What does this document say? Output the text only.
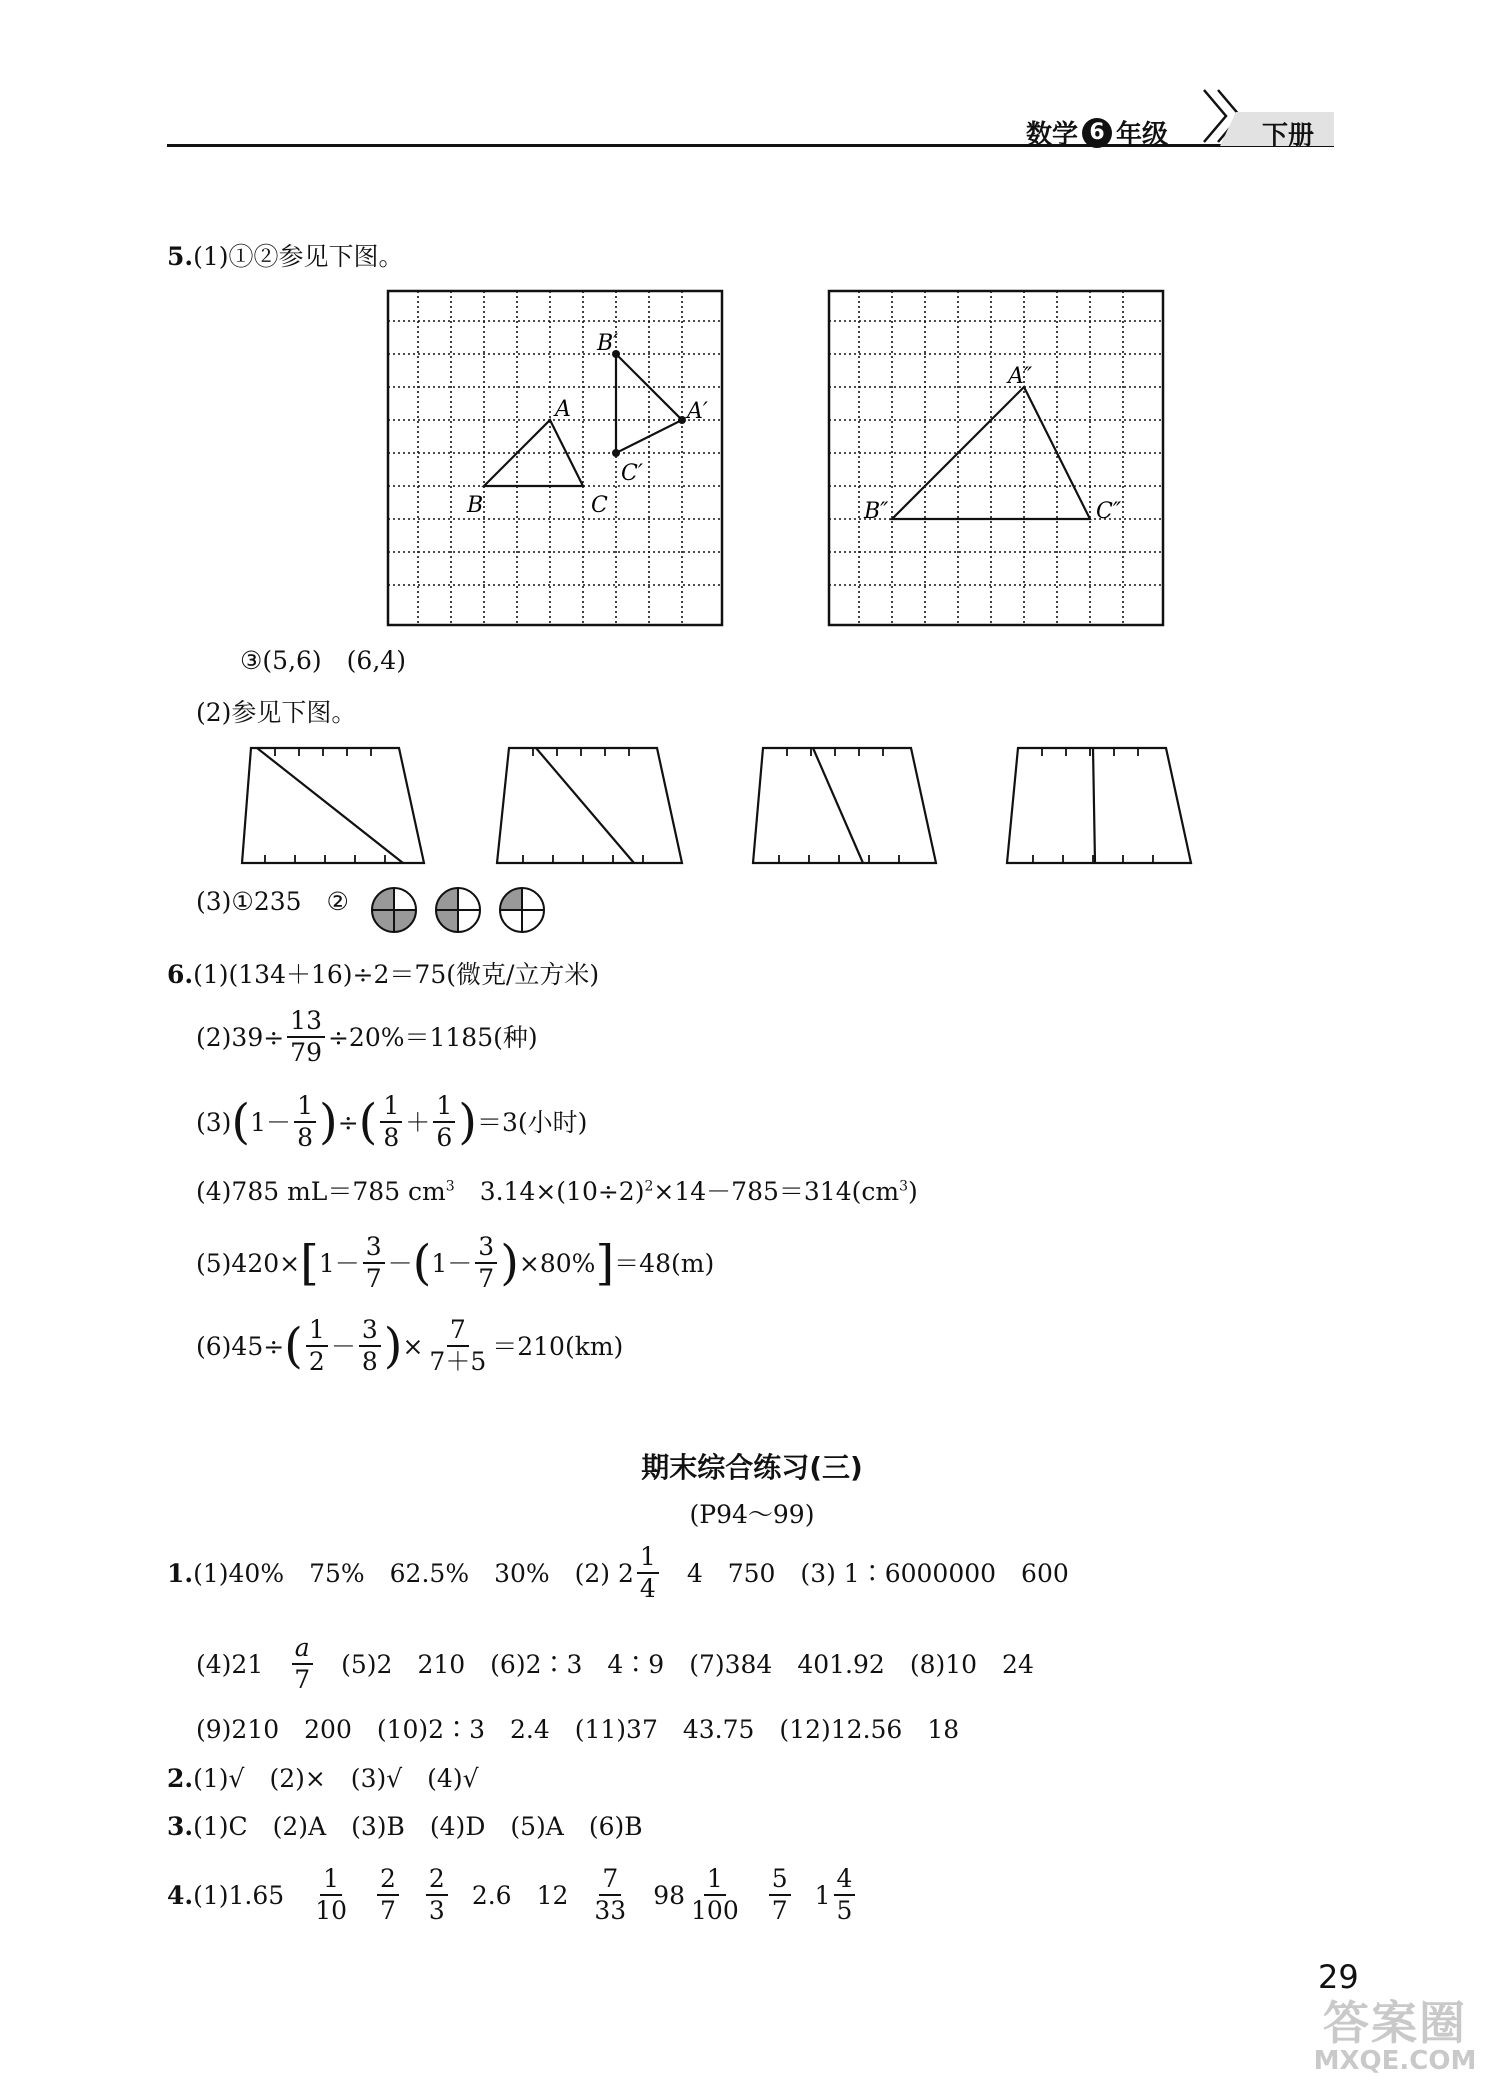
数学 6 年级	下册
5.(1)①②参见下图。
A
B	C
B′
A′
C′
A″
B″	C″
③(5,6)　(6,4)
(2)参见下图。
(3)①235　②
6.(1)(134＋16)÷2＝75(微克/立方米)
$(2)39\div \frac{13}{79} \div 20\%=1185$(种)
(3) ( $1- \frac{1}{8}$ ) ÷ ( $\frac{1}{8} + \frac{1}{6}$ ) ＝3(小时)
(4)785 mL＝785 $cm^3$　$3.14\times(10\div 2)^2\times 14-785=314(cm^3)$
(5)420× [ $1- \frac{3}{7}$ － ( $1- \frac{3}{7}$ ) ×80% ] ＝48(m)
(6)45÷ ( $\frac{1}{2} - \frac{3}{8}$ ) × $\frac{7}{7+5} =210(km)$
期末综合练习(三)
(P94～99)
1. (1)40%　75%　62.5%　30%　(2) $2 \frac{1}{4}$ 　4　750　(3) 1∶6000000　600
(4)21　 $\frac{a}{7}$ 　(5)2　210　(6)2∶3　4∶9　(7)384　401.92　(8)10　24
(9)210　200　(10)2∶3　2.4　(11)37　43.75　(12)12.56　18
2.(1)√　(2)×　(3)√　(4)√
3.(1)C　(2)A　(3)B　(4)D　(5)A　(6)B
4. (1)1.65　 $\frac{1}{10} \frac{2}{7} \frac{2}{3} 2.6$　$12 \frac{7}{33} 98 \frac{1}{100} \frac{5}{7} 1 \frac{4}{5}$
29
答案圈
MXQE.COM
